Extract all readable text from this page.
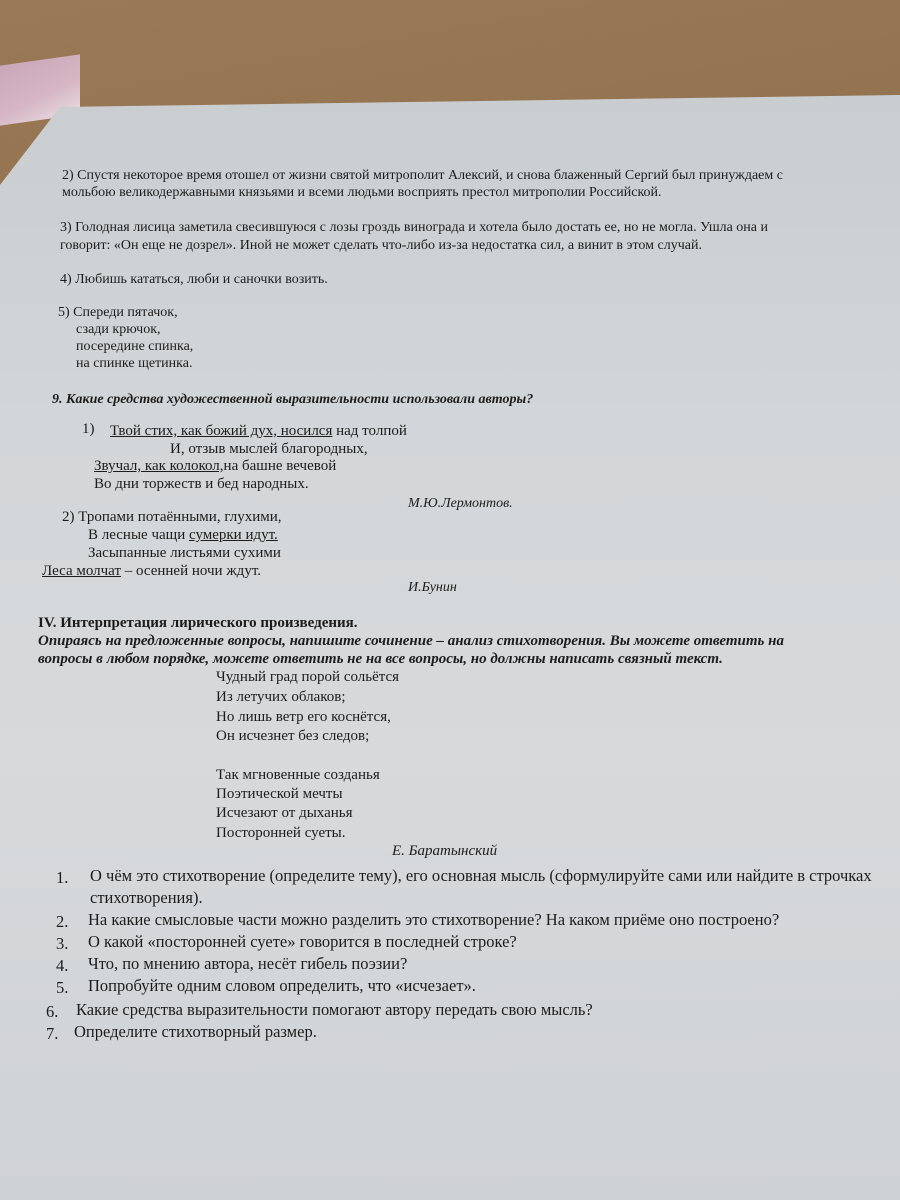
2) Спустя некоторое время отошел от жизни святой митрополит Алексий, и снова блаженный Сергий был принуждаем с
мольбою великодержавными князьями и всеми людьми восприять престол митрополии Российской.
3) Голодная лисица заметила свесившуюся с лозы гроздь винограда и хотела было достать ее, но не могла. Ушла она и
говорит: «Он еще не дозрел». Иной не может сделать что-либо из-за недостатка сил, а винит в этом случай.
4) Любишь кататься, люби и саночки возить.
5) Спереди пятачок,
сзади крючок,
посередине спинка,
на спинке щетинка.
9. Какие средства художественной выразительности использовали авторы?
1) Твой стих, как божий дух, носился над толпой
И, отзыв мыслей благородных,
Звучал, как колокол,на башне вечевой
Во дни торжеств и бед народных.
М.Ю.Лермонтов.
2) Тропами потаёнными, глухими,
В лесные чащи сумерки идут.
Засыпанные листьями сухими
Леса молчат – осенней ночи ждут.
И.Бунин
IV. Интерпретация лирического произведения.
Опираясь на предложенные вопросы, напишите сочинение – анализ стихотворения. Вы можете ответить на
вопросы в любом порядке, можете ответить не на все вопросы, но должны написать связный текст.
Чудный град порой сольётся
Из летучих облаков;
Но лишь ветр его коснётся,
Он исчезнет без следов;
Так мгновенные созданья
Поэтической мечты
Исчезают от дыханья
Посторонней суеты.
Е. Баратынский
1. О чём это стихотворение (определите тему), его основная мысль (сформулируйте сами или найдите в строчках
стихотворения).
2. На какие смысловые части можно разделить это стихотворение? На каком приёме оно построено?
3. О какой «посторонней суете» говорится в последней строке?
4. Что, по мнению автора, несёт гибель поэзии?
5. Попробуйте одним словом определить, что «исчезает».
6. Какие средства выразительности помогают автору передать свою мысль?
7. Определите стихотворный размер.
